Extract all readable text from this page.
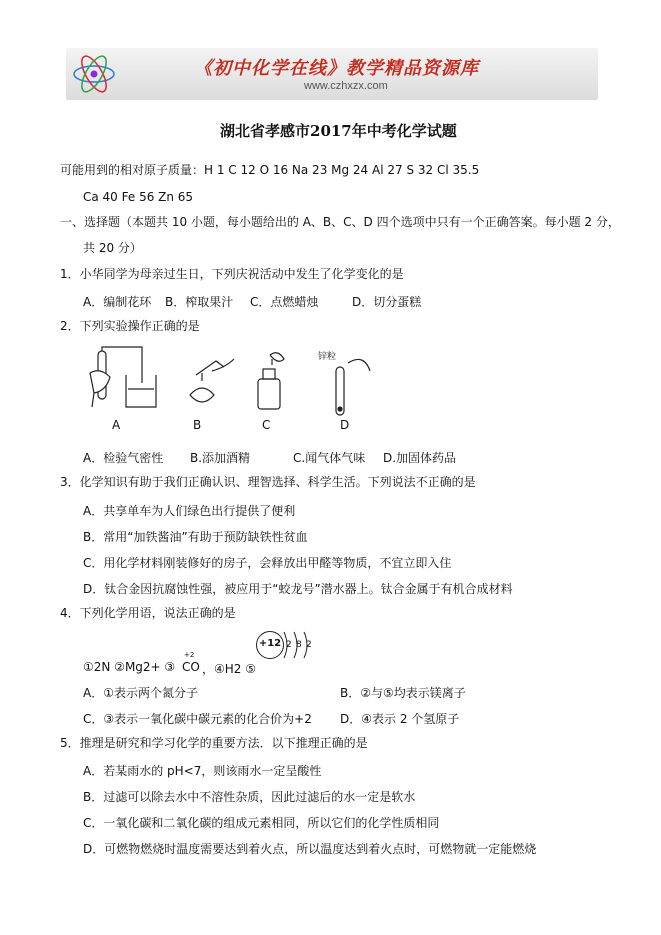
《初中化学在线》教学精品资源库
www.czhxzx.com
湖北省孝感市2017年中考化学试题
可能用到的相对原子质量：H 1 C 12 O 16 Na 23 Mg 24 Al 27 S 32 Cl 35.5
Ca 40 Fe 56 Zn 65
一、选择题（本题共 10 小题，每小题给出的 A、B、C、D 四个选项中只有一个正确答案。每小题 2 分，
共 20 分）
1．小华同学为母亲过生日，下列庆祝活动中发生了化学变化的是
A．编制花环 B．榨取果汁 C．点燃蜡烛	D．切分蛋糕
2．下列实验操作正确的是
锌粒
A	B	C	D
A．检验气密性 B.添加酒精	C.闻气体气味 D.加固体药品
3．化学知识有助于我们正确认识、理智选择、科学生活。下列说法不正确的是
A．共享单车为人们绿色出行提供了便利
B．常用“加铁酱油”有助于预防缺铁性贫血
C．用化学材料刚装修好的房子，会释放出甲醛等物质，不宜立即入住
D．钛合金因抗腐蚀性强，被应用于“蛟龙号”潜水器上。钛合金属于有机合成材料
4．下列化学用语，说法正确的是
+12 2 8 2
①2N ②Mg2+ ③
+2
CO ，④H2 ⑤
A．①表示两个氮分子	B．②与⑤均表示镁离子
C．③表示一氧化碳中碳元素的化合价为+2 D．④表示 2 个氢原子
5．推理是研究和学习化学的重要方法．以下推理正确的是
A．若某雨水的 pH<7，则该雨水一定呈酸性
B．过滤可以除去水中不溶性杂质，因此过滤后的水一定是软水
C．一氧化碳和二氧化碳的组成元素相同，所以它们的化学性质相同
D．可燃物燃烧时温度需要达到着火点，所以温度达到着火点时，可燃物就一定能燃烧
